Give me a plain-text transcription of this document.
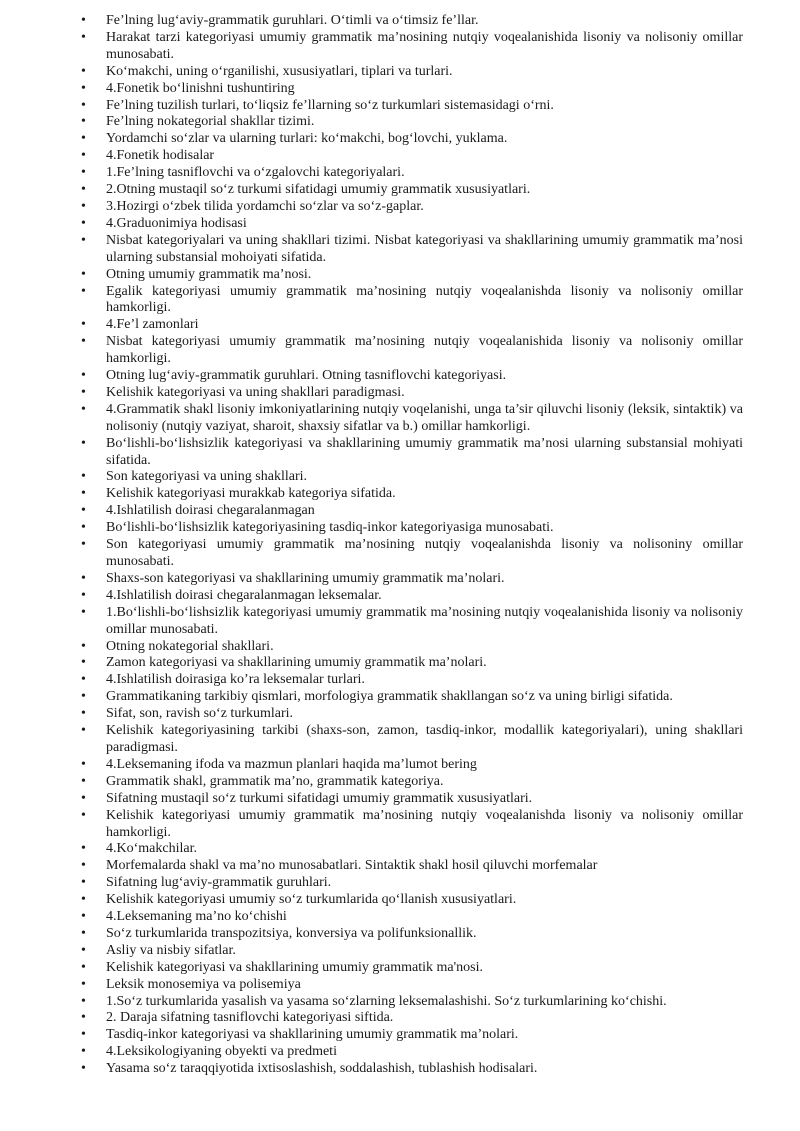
• Fe’lning lug‘aviy-grammatik guruhlari. O‘timli va o‘timsiz fe’llar.
• Harakat tarzi kategoriyasi umumiy grammatik ma’nosining nutqiy voqealanishida lisoniy va nolisoniy omillar munosabati.
• Ko‘makchi, uning o‘rganilishi, xususiyatlari, tiplari va turlari.
• 4.Fonetik bo‘linishni tushuntiring
• Fe’lning tuzilish turlari, to‘liqsiz fe’llarning so‘z turkumlari sistemasidagi o‘rni.
• Fe’lning nokategorial shakllar tizimi.
• Yordamchi so‘zlar va ularning turlari: ko‘makchi, bog‘lovchi, yuklama.
• 4.Fonetik hodisalar
• 1.Fe’lning tasniflovchi va o‘zgalovchi kategoriyalari.
• 2.Otning mustaqil so‘z turkumi sifatidagi umumiy grammatik xususiyatlari.
• 3.Hozirgi o‘zbek tilida yordamchi so‘zlar va so‘z-gaplar.
• 4.Graduonimiya hodisasi
• Nisbat kategoriyalari va uning shakllari tizimi. Nisbat kategoriyasi va shakllarining umumiy grammatik ma’nosi ularning substansial mohoiyati sifatida.
• Otning umumiy grammatik ma’nosi.
• Egalik kategoriyasi umumiy grammatik ma’nosining nutqiy voqealanishda lisoniy va nolisoniy omillar hamkorligi.
• 4.Fe’l zamonlari
• Nisbat kategoriyasi umumiy grammatik ma’nosining nutqiy voqealanishida lisoniy va nolisoniy omillar hamkorligi.
• Otning lug‘aviy-grammatik guruhlari. Otning tasniflovchi kategoriyasi.
• Kelishik kategoriyasi va uning shakllari paradigmasi.
• 4.Grammatik shakl lisoniy imkoniyatlarining nutqiy voqelanishi, unga ta’sir qiluvchi lisoniy (leksik, sintaktik) va nolisoniy (nutqiy vaziyat, sharoit, shaxsiy sifatlar va b.) omillar hamkorligi.
• Bo‘lishli-bo‘lishsizlik kategoriyasi va shakllarining umumiy grammatik ma’nosi ularning substansial mohiyati sifatida.
• Son kategoriyasi va uning shakllari.
• Kelishik kategoriyasi murakkab kategoriya sifatida.
• 4.Ishlatilish doirasi chegaralanmagan
• Bo‘lishli-bo‘lishsizlik kategoriyasining tasdiq-inkor kategoriyasiga munosabati.
• Son kategoriyasi umumiy grammatik ma’nosining nutqiy voqealanishda lisoniy va nolisoniny omillar munosabati.
• Shaxs-son kategoriyasi va shakllarining umumiy grammatik ma’nolari.
• 4.Ishlatilish doirasi chegaralanmagan leksemalar.
• 1.Bo‘lishli-bo‘lishsizlik kategoriyasi umumiy grammatik ma’nosining nutqiy voqealanishida lisoniy va nolisoniy omillar munosabati.
• Otning nokategorial shakllari.
• Zamon kategoriyasi va shakllarining umumiy grammatik ma’nolari.
• 4.Ishlatilish doirasiga ko’ra leksemalar turlari.
• Grammatikaning tarkibiy qismlari, morfologiya grammatik shakllangan so‘z va uning birligi sifatida.
• Sifat, son, ravish so‘z turkumlari.
• Kelishik kategoriyasining tarkibi (shaxs-son, zamon, tasdiq-inkor, modallik kategoriyalari), uning shakllari paradigmasi.
• 4.Leksemaning ifoda va mazmun planlari haqida ma’lumot bering
• Grammatik shakl, grammatik ma’no, grammatik kategoriya.
• Sifatning mustaqil so‘z turkumi sifatidagi umumiy grammatik xususiyatlari.
• Kelishik kategoriyasi umumiy grammatik ma’nosining nutqiy voqealanishda lisoniy va nolisoniy omillar hamkorligi.
• 4.Ko‘makchilar.
• Morfemalarda shakl va ma’no munosabatlari. Sintaktik shakl hosil qiluvchi morfemalar
• Sifatning lug‘aviy-grammatik guruhlari.
• Kelishik kategoriyasi umumiy so‘z turkumlarida qo‘llanish xususiyatlari.
• 4.Leksemaning ma’no ko‘chishi
• So‘z turkumlarida transpozitsiya, konversiya va polifunksionallik.
• Asliy va nisbiy sifatlar.
• Kelishik kategoriyasi va shakllarining umumiy grammatik ma'nosi.
• Leksik monosemiya va polisemiya
• 1.So‘z turkumlarida yasalish va yasama so‘zlarning leksemalashishi. So‘z turkumlarining ko‘chishi.
• 2. Daraja sifatning tasniflovchi kategoriyasi siftida.
• Tasdiq-inkor kategoriyasi va shakllarining umumiy grammatik ma’nolari.
• 4.Leksikologiyaning obyekti va predmeti
• Yasama so‘z taraqqiyotida ixtisoslashish, soddalashish, tublashish hodisalari.
